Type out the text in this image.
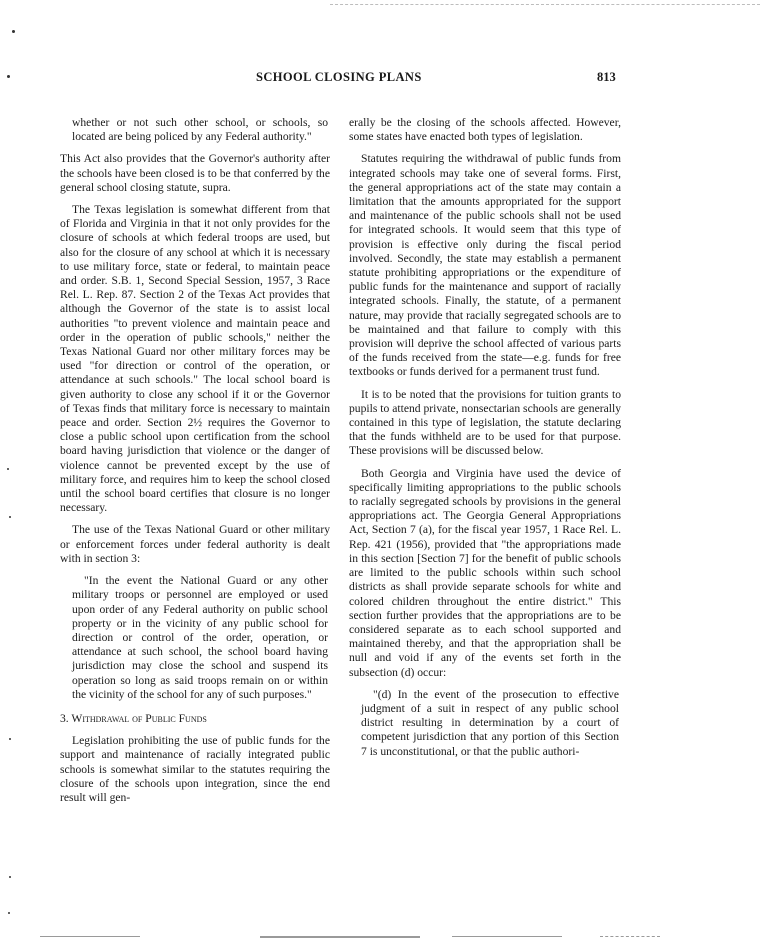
SCHOOL CLOSING PLANS	813

whether or not such other school, or schools, so located are being policed by any Federal authority."

This Act also provides that the Governor's authority after the schools have been closed is to be that conferred by the general school closing statute, supra.

The Texas legislation is somewhat different from that of Florida and Virginia in that it not only provides for the closure of schools at which federal troops are used, but also for the closure of any school at which it is necessary to use military force, state or federal, to maintain peace and order. S.B. 1, Second Special Session, 1957, 3 Race Rel. L. Rep. 87. Section 2 of the Texas Act provides that although the Governor of the state is to assist local authorities "to prevent violence and maintain peace and order in the operation of public schools," neither the Texas National Guard nor other military forces may be used "for direction or control of the operation, or attendance at such schools." The local school board is given authority to close any school if it or the Governor of Texas finds that military force is necessary to maintain peace and order. Section 2½ requires the Governor to close a public school upon certification from the school board having jurisdiction that violence or the danger of violence cannot be prevented except by the use of military force, and requires him to keep the school closed until the school board certifies that closure is no longer necessary.

The use of the Texas National Guard or other military or enforcement forces under federal authority is dealt with in section 3:

"In the event the National Guard or any other military troops or personnel are employed or used upon order of any Federal authority on public school property or in the vicinity of any public school for direction or control of the order, operation, or attendance at such school, the school board having jurisdiction may close the school and suspend its operation so long as said troops remain on or within the vicinity of the school for any of such purposes."

3. Withdrawal of Public Funds

Legislation prohibiting the use of public funds for the support and maintenance of racially integrated public schools is somewhat similar to the statutes requiring the closure of the schools upon integration, since the end result will gen-

erally be the closing of the schools affected. However, some states have enacted both types of legislation.

Statutes requiring the withdrawal of public funds from integrated schools may take one of several forms. First, the general appropriations act of the state may contain a limitation that the amounts appropriated for the support and maintenance of the public schools shall not be used for integrated schools. It would seem that this type of provision is effective only during the fiscal period involved. Secondly, the state may establish a permanent statute prohibiting appropriations or the expenditure of public funds for the maintenance and support of racially integrated schools. Finally, the statute, of a permanent nature, may provide that racially segregated schools are to be maintained and that failure to comply with this provision will deprive the school affected of various parts of the funds received from the state—e.g. funds for free textbooks or funds derived for a permanent trust fund.

It is to be noted that the provisions for tuition grants to pupils to attend private, nonsectarian schools are generally contained in this type of legislation, the statute declaring that the funds withheld are to be used for that purpose. These provisions will be discussed below.

Both Georgia and Virginia have used the device of specifically limiting appropriations to the public schools to racially segregated schools by provisions in the general appropriations act. The Georgia General Appropriations Act, Section 7 (a), for the fiscal year 1957, 1 Race Rel. L. Rep. 421 (1956), provided that "the appropriations made in this section [Section 7] for the benefit of public schools are limited to the public schools within such school districts as shall provide separate schools for white and colored children throughout the entire district." This section further provides that the appropriations are to be considered separate as to each school supported and maintained thereby, and that the appropriation shall be null and void if any of the events set forth in the subsection (d) occur:

"(d) In the event of the prosecution to effective judgment of a suit in respect of any public school district resulting in determination by a court of competent jurisdiction that any portion of this Section 7 is unconstitutional, or that the public authori-
